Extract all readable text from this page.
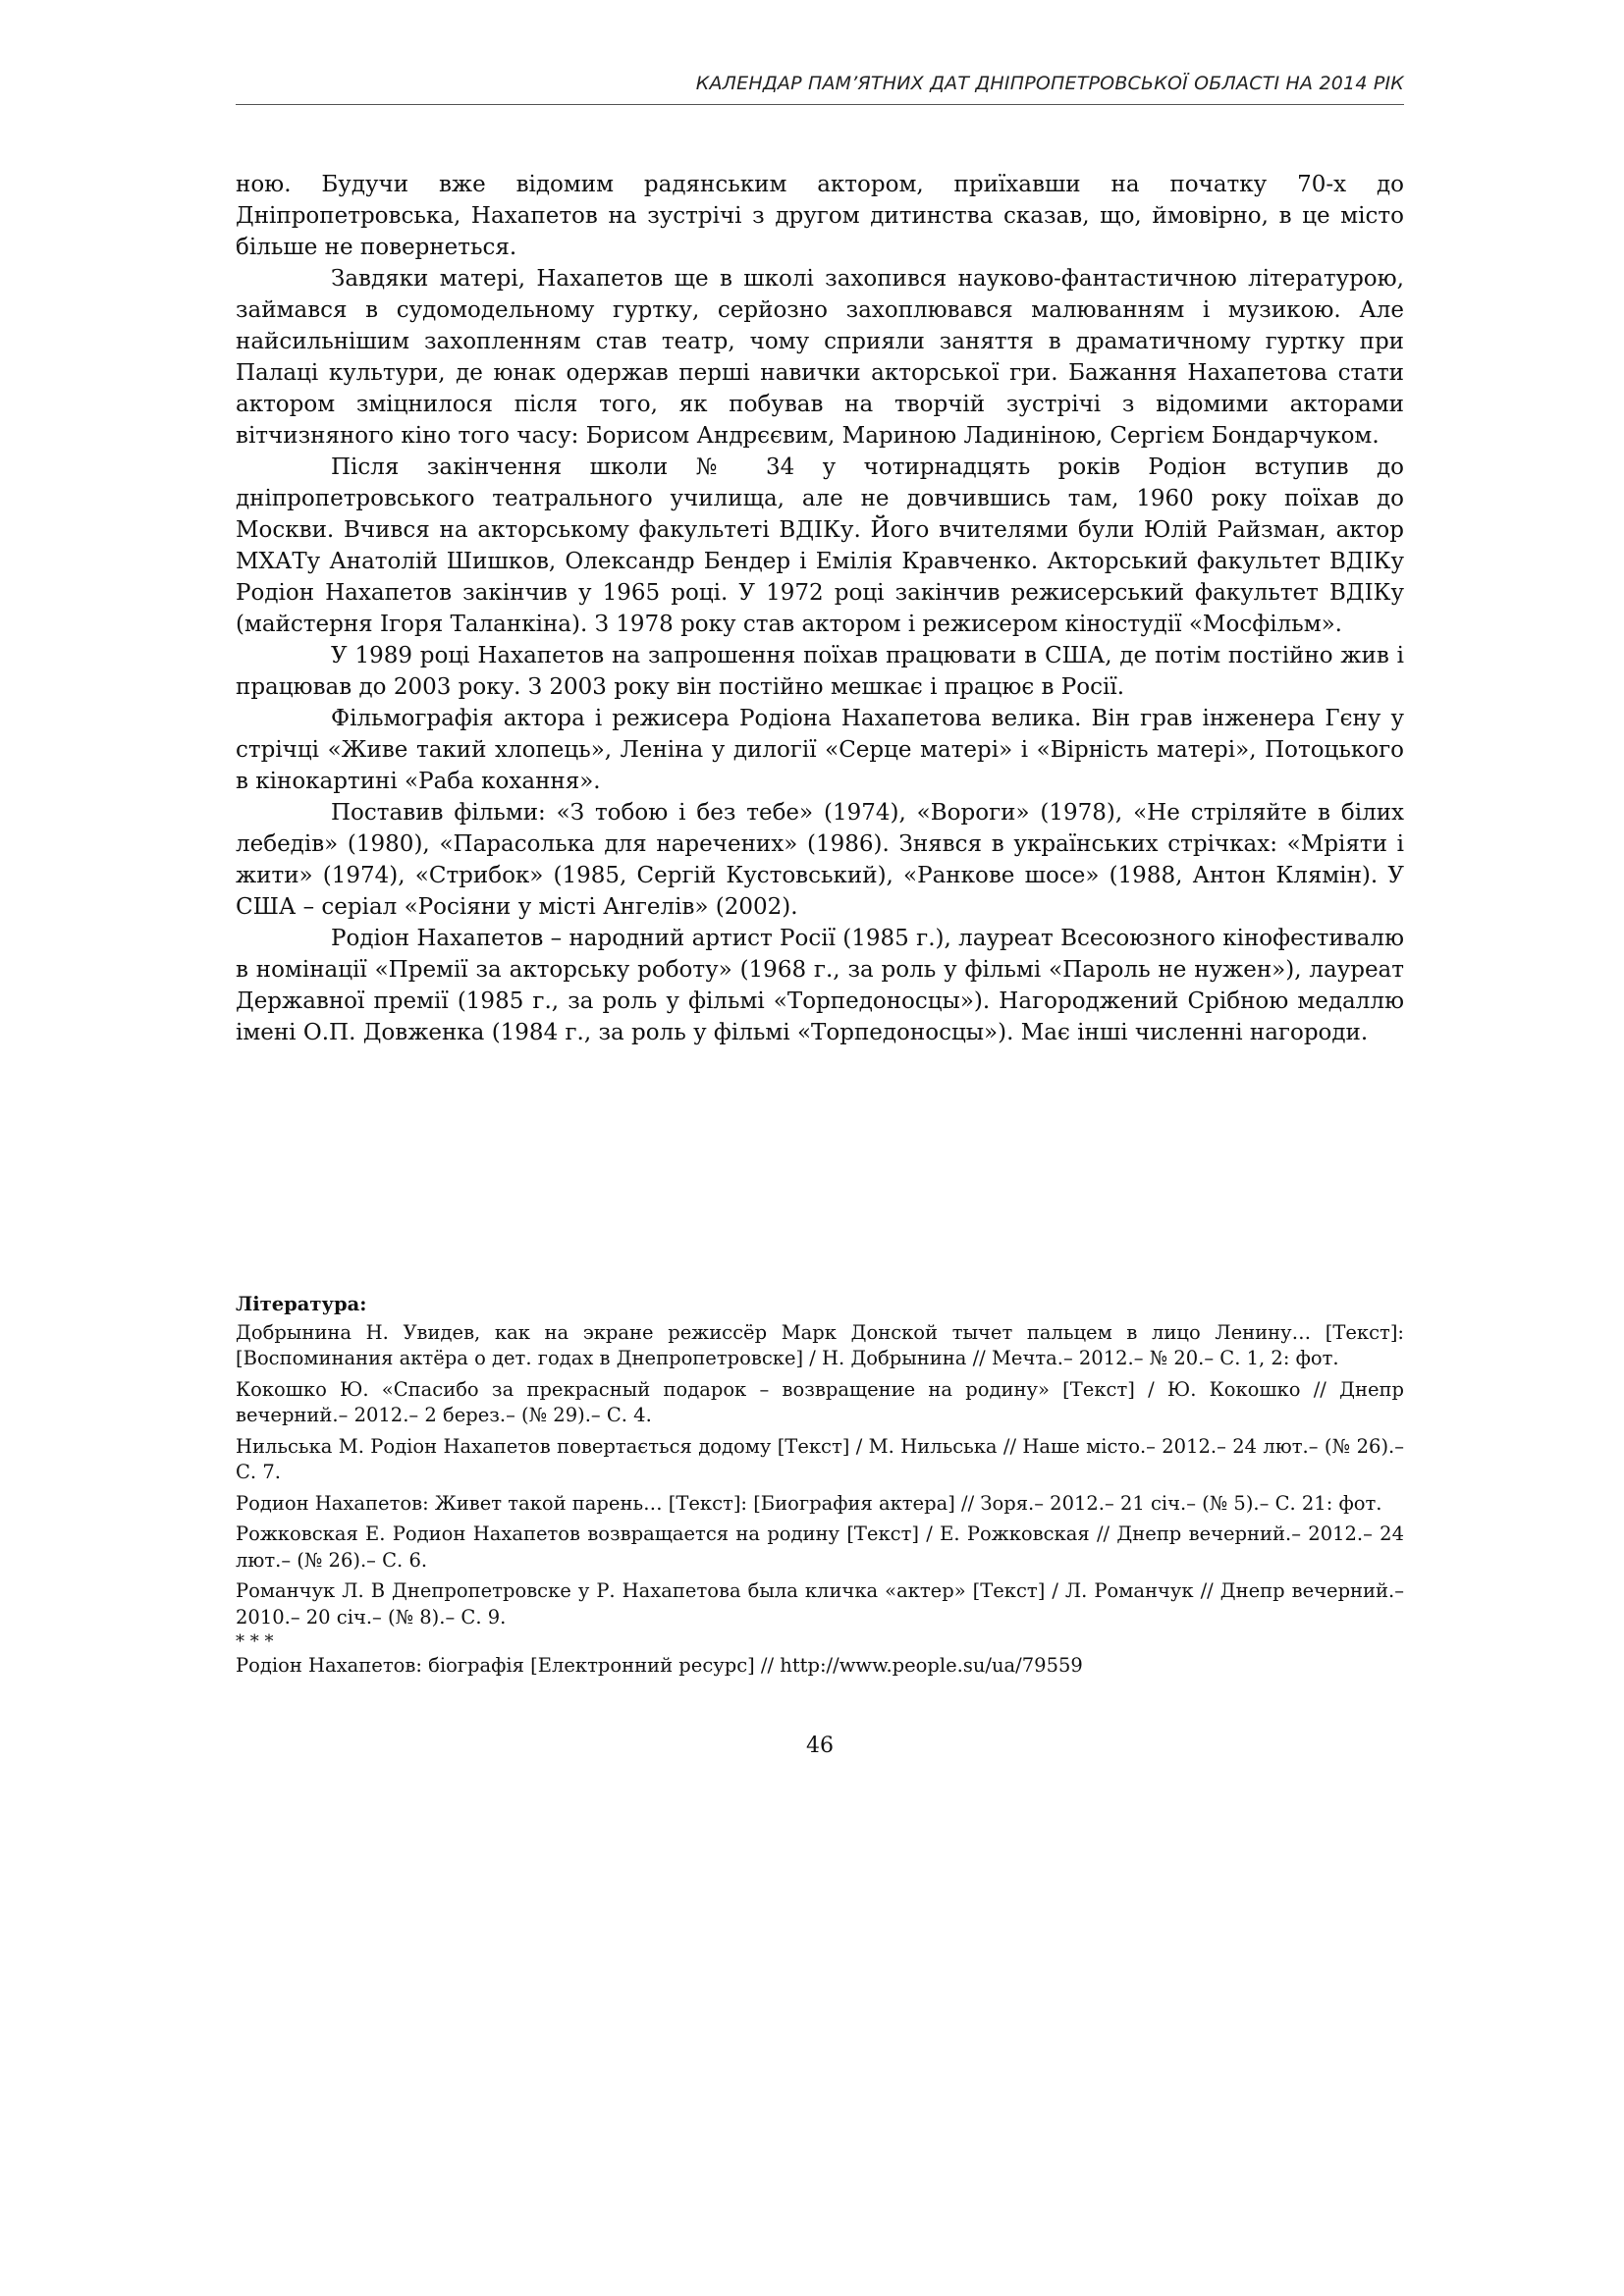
КАЛЕНДАР ПАМ’ЯТНИХ ДАТ ДНІПРОПЕТРОВСЬКОЇ ОБЛАСТІ НА 2014 РІК

ною. Будучи вже відомим радянським актором, приїхавши на початку 70-х до Дніпропетровська, Нахапетов на зустрічі з другом дитинства сказав, що, ймовірно, в це місто більше не повернеться.

Завдяки матері, Нахапетов ще в школі захопився науково-фантастичною літературою, займався в судомодельному гуртку, серйозно захоплювався малюванням і музикою. Але найсильнішим захопленням став театр, чому сприяли заняття в драматичному гуртку при Палаці культури, де юнак одержав перші навички акторської гри. Бажання Нахапетова стати актором зміцнилося після того, як побував на творчій зустрічі з відомими акторами вітчизняного кіно того часу: Борисом Андрєєвим, Мариною Ладиніною, Сергієм Бондарчуком.

Після закінчення школи № 34 у чотирнадцять років Родіон вступив до дніпропетровського театрального училища, але не довчившись там, 1960 року поїхав до Москви. Вчився на акторському факультеті ВДІКу. Його вчителями були Юлій Райзман, актор МХАТу Анатолій Шишков, Олександр Бендер і Емілія Кравченко. Акторський факультет ВДІКу Родіон Нахапетов закінчив у 1965 році. У 1972 році закінчив режисерський факультет ВДІКу (майстерня Ігоря Таланкіна). З 1978 року став актором і режисером кіностудії «Мосфільм».

У 1989 році Нахапетов на запрошення поїхав працювати в США, де потім постійно жив і працював до 2003 року. З 2003 року він постійно мешкає і працює в Росії.

Фільмографія актора і режисера Родіона Нахапетова велика. Він грав інженера Гєну у стрічці «Живе такий хлопець», Леніна у дилогії «Серце матері» і «Вірність матері», Потоцького в кінокартині «Раба кохання».

Поставив фільми: «З тобою і без тебе» (1974), «Вороги» (1978), «Не стріляйте в білих лебедів» (1980), «Парасолька для наречених» (1986). Знявся в українських стрічках: «Мріяти і жити» (1974), «Стрибок» (1985, Сергій Кустовський), «Ранкове шосе» (1988, Антон Клямін). У США – серіал «Росіяни у місті Ангелів» (2002).

Родіон Нахапетов – народний артист Росії (1985 г.), лауреат Всесоюзного кінофестивалю в номінації «Премії за акторську роботу» (1968 г., за роль у фільмі «Пароль не нужен»), лауреат Державної премії (1985 г., за роль у фільмі «Торпедоносцы»). Нагороджений Срібною медаллю імені О.П. Довженка (1984 г., за роль у фільмі «Торпедоносцы»). Має інші численні нагороди.

Література:

Добрынина Н. Увидев, как на экране режиссёр Марк Донской тычет пальцем в лицо Ленину… [Текст]: [Воспоминания актёра о дет. годах в Днепропетровске] / Н. Добрынина // Мечта.– 2012.– № 20.– С. 1, 2: фот.

Кокошко Ю. «Спасибо за прекрасный подарок – возвращение на родину» [Текст] / Ю. Кокошко // Днепр вечерний.– 2012.– 2 берез.– (№ 29).– С. 4.

Нильська М. Родіон Нахапетов повертається додому [Текст] / М. Нильська // Наше місто.– 2012.– 24 лют.– (№ 26).– С. 7.

Родион Нахапетов: Живет такой парень… [Текст]: [Биография актера] // Зоря.– 2012.– 21 січ.– (№ 5).– С. 21: фот.

Рожковская Е. Родион Нахапетов возвращается на родину [Текст] / Е. Рожковская // Днепр вечерний.– 2012.– 24 лют.– (№ 26).– С. 6.

Романчук Л. В Днепропетровске у Р. Нахапетова была кличка «актер» [Текст] / Л. Романчук // Днепр вечерний.– 2010.– 20 січ.– (№ 8).– С. 9.

* * *

Родіон Нахапетов: біографія [Електронний ресурс] // http://www.people.su/ua/79559

46
